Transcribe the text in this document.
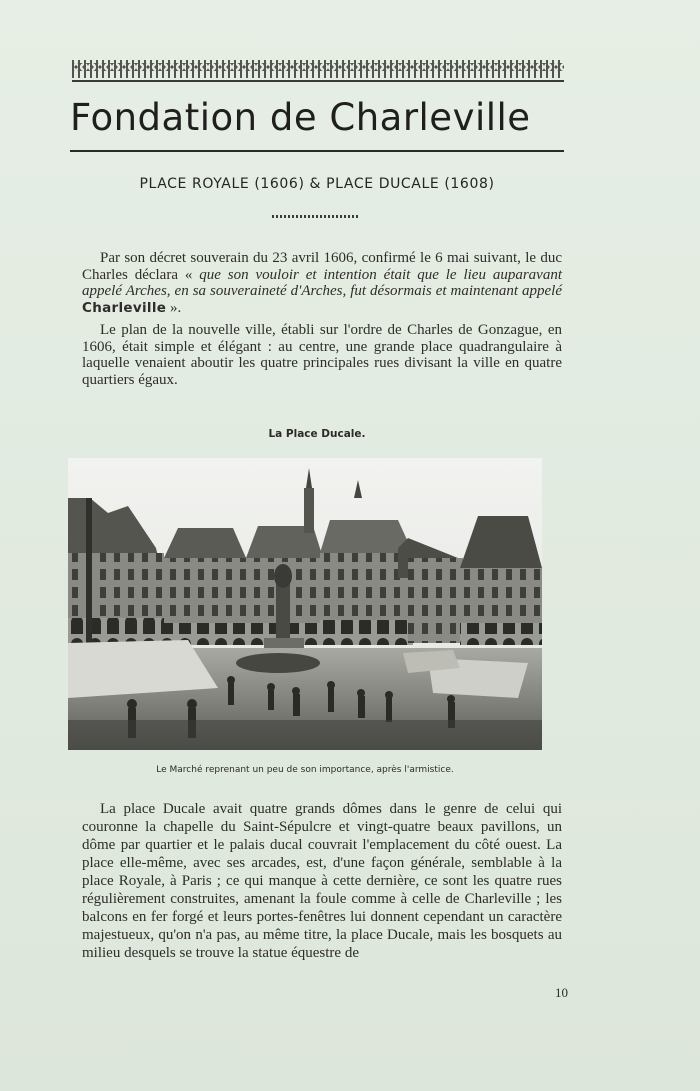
Fondation de Charleville
PLACE ROYALE (1606) & PLACE DUCALE (1608)

Par son décret souverain du 23 avril 1606, confirmé le 6 mai suivant, le duc Charles déclara « que son vouloir et intention était que le lieu auparavant appelé Arches, en sa souveraineté d'Arches, fut désormais et maintenant appelé Charleville ».

Le plan de la nouvelle ville, établi sur l'ordre de Charles de Gonzague, en 1606, était simple et élégant : au centre, une grande place quadrangulaire à laquelle venaient aboutir les quatre principales rues divisant la ville en quatre quartiers égaux.

La Place Ducale.
Le Marché reprenant un peu de son importance, après l'armistice.

La place Ducale avait quatre grands dômes dans le genre de celui qui couronne la chapelle du Saint-Sépulcre et vingt-quatre beaux pavillons, un dôme par quartier et le palais ducal couvrait l'emplacement du côté ouest. La place elle-même, avec ses arcades, est, d'une façon générale, semblable à la place Royale, à Paris ; ce qui manque à cette dernière, ce sont les quatre rues régulièrement construites, amenant la foule comme à celle de Charleville ; les balcons en fer forgé et leurs portes-fenêtres lui donnent cependant un caractère majestueux, qu'on n'a pas, au même titre, la place Ducale, mais les bosquets au milieu desquels se trouve la statue équestre de

10
